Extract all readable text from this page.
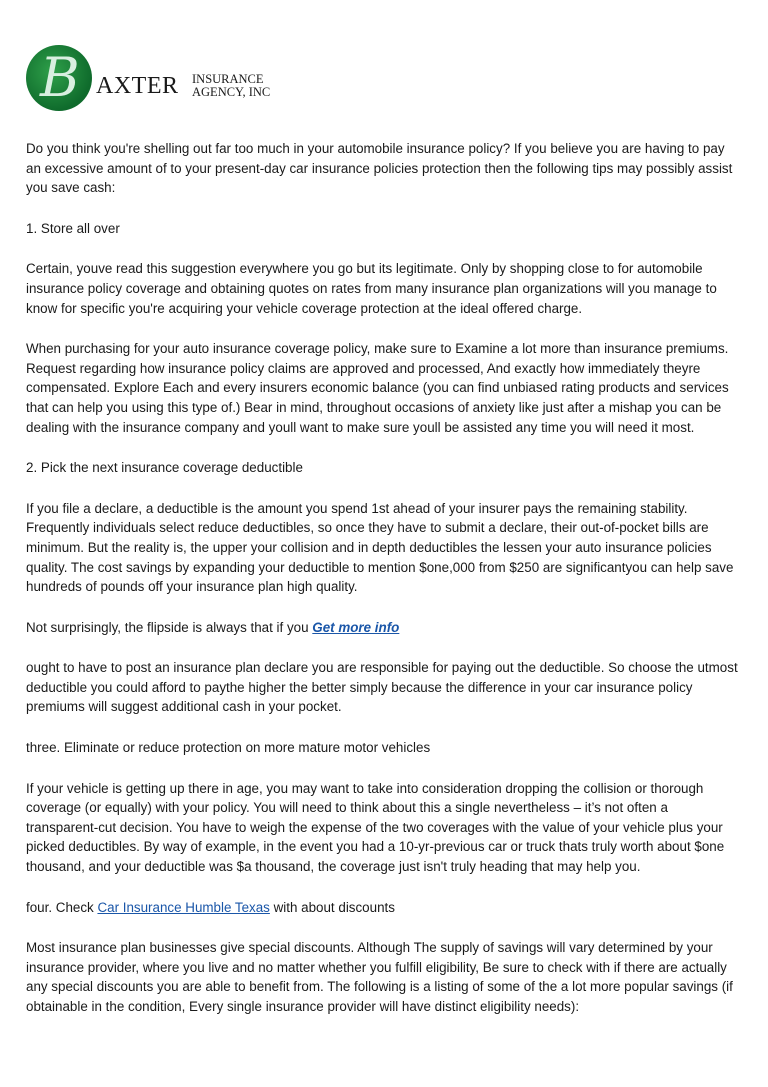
B AXTER INSURANCE
AGENCY, INC

Do you think you're shelling out far too much in your automobile insurance policy? If you believe you are having to pay an excessive amount of to your present-day car insurance policies protection then the following tips may possibly assist you save cash:

1. Store all over

Certain, youve read this suggestion everywhere you go but its legitimate. Only by shopping close to for automobile insurance policy coverage and obtaining quotes on rates from many insurance plan organizations will you manage to know for specific you're acquiring your vehicle coverage protection at the ideal offered charge.

When purchasing for your auto insurance coverage policy, make sure to Examine a lot more than insurance premiums. Request regarding how insurance policy claims are approved and processed, And exactly how immediately theyre compensated. Explore Each and every insurers economic balance (you can find unbiased rating products and services that can help you using this type of.) Bear in mind, throughout occasions of anxiety like just after a mishap you can be dealing with the insurance company and youll want to make sure youll be assisted any time you will need it most.

2. Pick the next insurance coverage deductible

If you file a declare, a deductible is the amount you spend 1st ahead of your insurer pays the remaining stability. Frequently individuals select reduce deductibles, so once they have to submit a declare, their out-of-pocket bills are minimum. But the reality is, the upper your collision and in depth deductibles the lessen your auto insurance policies quality. The cost savings by expanding your deductible to mention $one,000 from $250 are significantyou can help save hundreds of pounds off your insurance plan high quality.

Not surprisingly, the flipside is always that if you Get more info

ought to have to post an insurance plan declare you are responsible for paying out the deductible. So choose the utmost deductible you could afford to paythe higher the better simply because the difference in your car insurance policy premiums will suggest additional cash in your pocket.

three. Eliminate or reduce protection on more mature motor vehicles

If your vehicle is getting up there in age, you may want to take into consideration dropping the collision or thorough coverage (or equally) with your policy. You will need to think about this a single nevertheless – it’s not often a transparent-cut decision. You have to weigh the expense of the two coverages with the value of your vehicle plus your picked deductibles. By way of example, in the event you had a 10-yr-previous car or truck thats truly worth about $one thousand, and your deductible was $a thousand, the coverage just isn't truly heading that may help you.

four. Check Car Insurance Humble Texas with about discounts

Most insurance plan businesses give special discounts. Although The supply of savings will vary determined by your insurance provider, where you live and no matter whether you fulfill eligibility, Be sure to check with if there are actually any special discounts you are able to benefit from. The following is a listing of some of the a lot more popular savings (if obtainable in the condition, Every single insurance provider will have distinct eligibility needs):
